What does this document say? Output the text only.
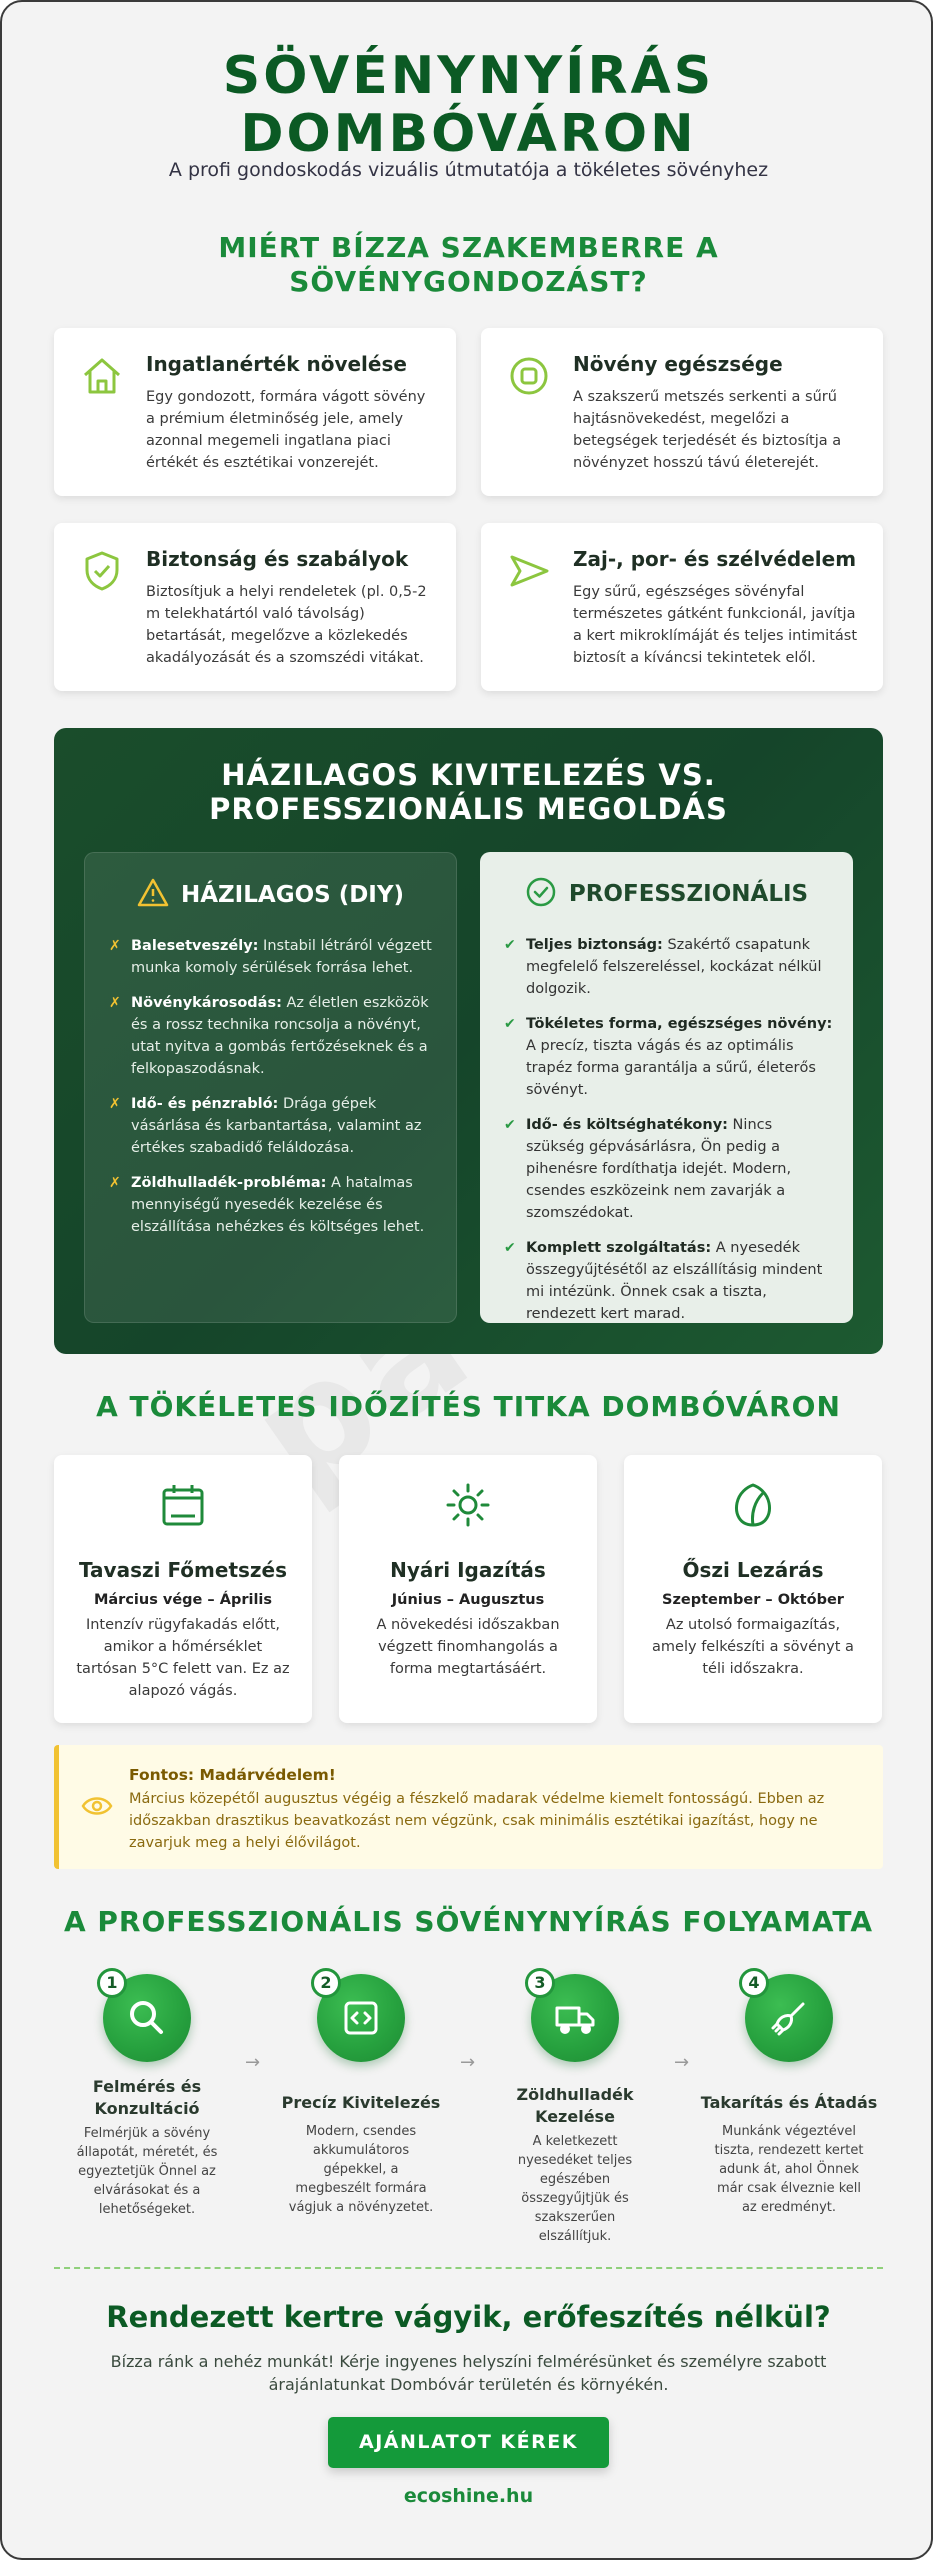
SÖVÉNYNYÍRÁS
DOMBÓVÁRON
A profi gondoskodás vizuális útmutatója a tökéletes sövényhez
MIÉRT BÍZZA SZAKEMBERRE A
SÖVÉNYGONDOZÁST?
Ingatlanérték növelése
Egy gondozott, formára vágott sövény a prémium életminőség jele, amely azonnal megemeli ingatlana piaci értékét és esztétikai vonzerejét.
Növény egészsége
A szakszerű metszés serkenti a sűrű hajtásnövekedést, megelőzi a betegségek terjedését és biztosítja a növényzet hosszú távú életerejét.
Biztonság és szabályok
Biztosítjuk a helyi rendeletek (pl. 0,5-2 m telekhatártól való távolság) betartását, megelőzve a közlekedés akadályozását és a szomszédi vitákat.
Zaj-, por- és szélvédelem
Egy sűrű, egészséges sövényfal természetes gátként funkcionál, javítja a kert mikroklímáját és teljes intimitást biztosít a kíváncsi tekintetek elől.
HÁZILAGOS KIVITELEZÉS VS.
PROFESSZIONÁLIS MEGOLDÁS
HÁZILAGOS (DIY)
✗ Balesetveszély: Instabil létráról végzett munka komoly sérülések forrása lehet.
✗ Növénykárosodás: Az életlen eszközök és a rossz technika roncsolja a növényt, utat nyitva a gombás fertőzéseknek és a felkopaszodásnak.
✗ Idő- és pénzrabló: Drága gépek vásárlása és karbantartása, valamint az értékes szabadidő feláldozása.
✗ Zöldhulladék-probléma: A hatalmas mennyiségű nyesedék kezelése és elszállítása nehézkes és költséges lehet.
PROFESSZIONÁLIS
✔ Teljes biztonság: Szakértő csapatunk megfelelő felszereléssel, kockázat nélkül dolgozik.
✔ Tökéletes forma, egészséges növény: A precíz, tiszta vágás és az optimális trapéz forma garantálja a sűrű, életerős sövényt.
✔ Idő- és költséghatékony: Nincs szükség gépvásárlásra, Ön pedig a pihenésre fordíthatja idejét. Modern, csendes eszközeink nem zavarják a szomszédokat.
✔ Komplett szolgáltatás: A nyesedék összegyűjtésétől az elszállításig mindent mi intézünk. Önnek csak a tiszta, rendezett kert marad.
A TÖKÉLETES IDŐZÍTÉS TITKA DOMBÓVÁRON
Tavaszi Főmetszés
Március vége – Április
Intenzív rügyfakadás előtt, amikor a hőmérséklet tartósan 5°C felett van. Ez az alapozó vágás.
Nyári Igazítás
Június – Augusztus
A növekedési időszakban végzett finomhangolás a forma megtartásáért.
Őszi Lezárás
Szeptember – Október
Az utolsó formaigazítás, amely felkészíti a sövényt a téli időszakra.
Fontos: Madárvédelem!
Március közepétől augusztus végéig a fészkelő madarak védelme kiemelt fontosságú. Ebben az időszakban drasztikus beavatkozást nem végzünk, csak minimális esztétikai igazítást, hogy ne zavarjuk meg a helyi élővilágot.
A PROFESSZIONÁLIS SÖVÉNYNYÍRÁS FOLYAMATA
1
Felmérés és Konzultáció
Felmérjük a sövény állapotát, méretét, és egyeztetjük Önnel az elvárásokat és a lehetőségeket.
→
2
Precíz Kivitelezés
Modern, csendes akkumulátoros gépekkel, a megbeszélt formára vágjuk a növényzetet.
→
3
Zöldhulladék Kezelése
A keletkezett nyesedéket teljes egészében összegyűjtjük és szakszerűen elszállítjuk.
→
4
Takarítás és Átadás
Munkánk végeztével tiszta, rendezett kertet adunk át, ahol Önnek már csak élveznie kell az eredményt.
Rendezett kertre vágyik, erőfeszítés nélkül?
Bízza ránk a nehéz munkát! Kérje ingyenes helyszíni felmérésünket és személyre szabott árajánlatunkat Dombóvár területén és környékén.
AJÁNLATOT KÉREK
ecoshine.hu
